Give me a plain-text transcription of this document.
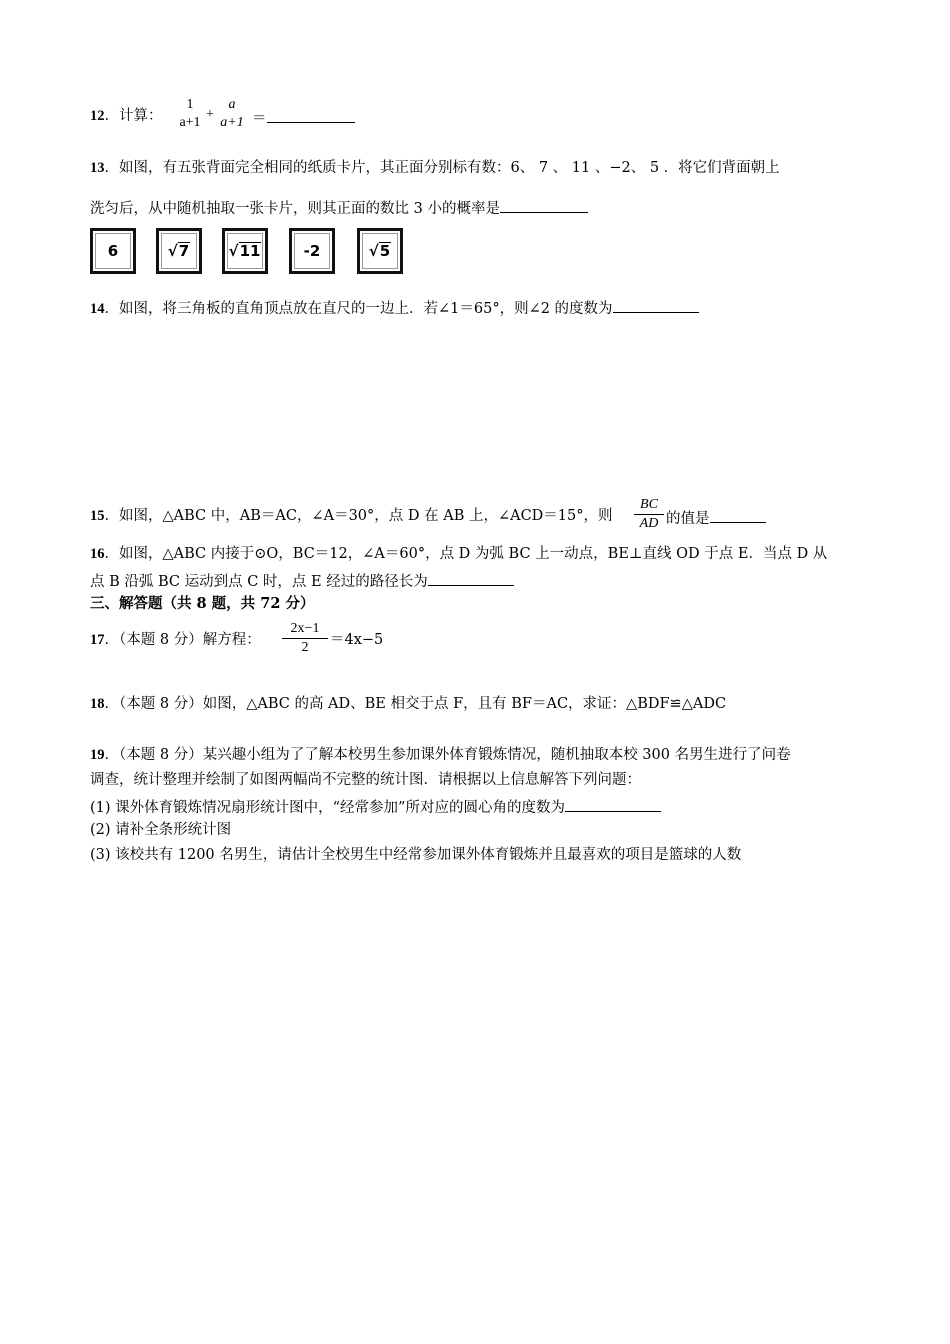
12．计算：
1
a+1
+
a
a+1 ＝
13．如图，有五张背面完全相同的纸质卡片，其正面分别标有数：6、 7 、 11 、−2、 5 ．将它们背面朝上
洗匀后，从中随机抽取一张卡片，则其正面的数比 3 小的概率是
6	√ 7	√ 11	-2	√ 5
14．如图，将三角板的直角顶点放在直尺的一边上．若∠1＝65°，则∠2 的度数为
15．如图，△ABC 中，AB＝AC，∠A＝30°，点 D 在 AB 上，∠ACD＝15°，则 $\frac{BC}{AD}$ 的值是
16．如图，△ABC 内接于⊙O，BC＝12，∠A＝60°，点 D 为弧 BC 上一动点，BE⊥直线 OD 于点 E．当点 D 从
点 B 沿弧 BC 运动到点 C 时，点 E 经过的路径长为
三、解答题（共 8 题，共 72 分）
17．（本题 8 分）解方程： $\frac{2x-1}{2} =4x-5$
18．（本题 8 分）如图，△ABC 的高 AD、BE 相交于点 F，且有 BF＝AC，求证：△BDF≌△ADC
19．（本题 8 分）某兴趣小组为了了解本校男生参加课外体育锻炼情况，随机抽取本校 300 名男生进行了问卷
调查，统计整理并绘制了如图两幅尚不完整的统计图．请根据以上信息解答下列问题：
(1) 课外体育锻炼情况扇形统计图中，“经常参加”所对应的圆心角的度数为
(2) 请补全条形统计图
(3) 该校共有 1200 名男生，请估计全校男生中经常参加课外体育锻炼并且最喜欢的项目是篮球的人数
